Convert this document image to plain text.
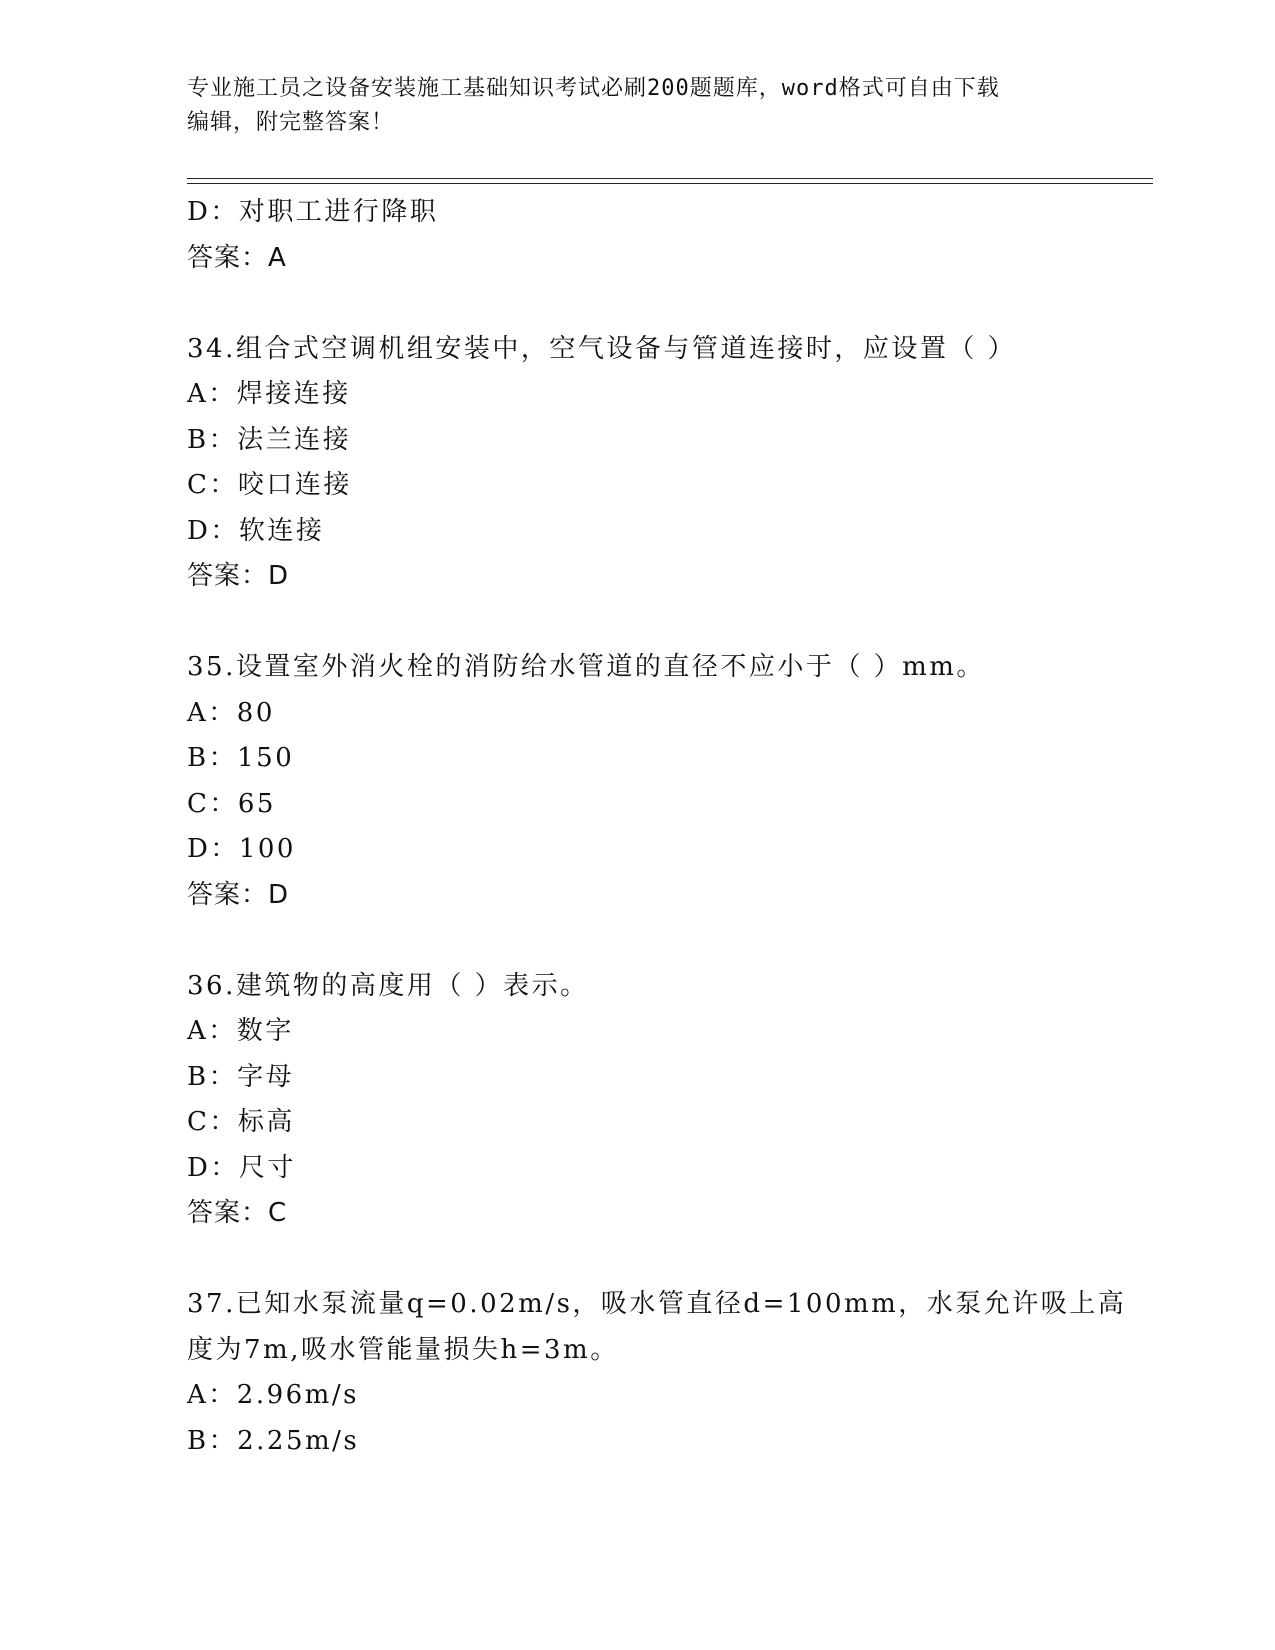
专业施工员之设备安装施工基础知识考试必刷200题题库，word格式可自由下载
编辑，附完整答案！
D：对职工进行降职
答案：A
34.组合式空调机组安装中，空气设备与管道连接时，应设置（ ）
A：焊接连接
B：法兰连接
C：咬口连接
D：软连接
答案：D
35.设置室外消火栓的消防给水管道的直径不应小于（ ）mm。
A：80
B：150
C：65
D：100
答案：D
36.建筑物的高度用（ ）表示。
A：数字
B：字母
C：标高
D：尺寸
答案：C
37.已知水泵流量q=0.02m/s，吸水管直径d=100mm，水泵允许吸上高
度为7m,吸水管能量损失h=3m。
A：2.96m/s
B：2.25m/s
